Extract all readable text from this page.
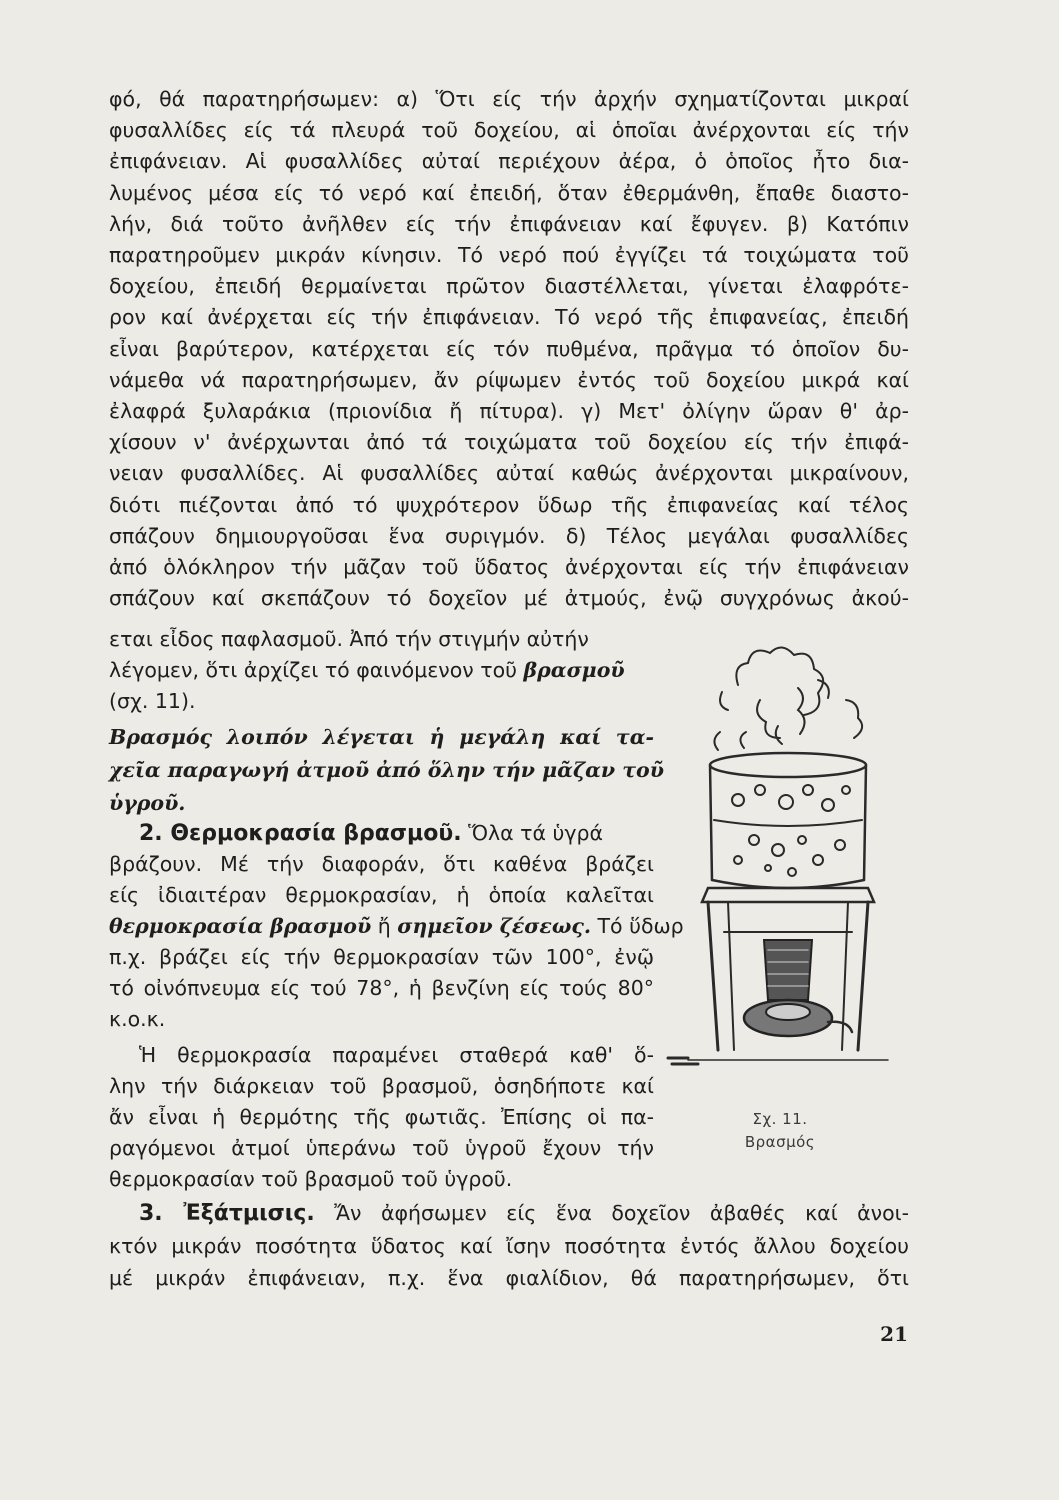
φό, θά παρατηρήσωμεν: α) Ὅτι είς τήν ἀρχήν σχηματίζονται μικραί
φυσαλλίδες είς τά πλευρά τοῦ δοχείου, αἱ ὁποῖαι ἀνέρχονται είς τήν
ἐπιφάνειαν. Αἱ φυσαλλίδες αὐταί περιέχουν ἀέρα, ὁ ὁποῖος ἦτο δια-
λυμένος μέσα είς τό νερό καί ἐπειδή, ὅταν ἐθερμάνθη, ἔπαθε διαστο-
λήν, διά τοῦτο ἀνῆλθεν είς τήν ἐπιφάνειαν καί ἔφυγεν. β) Κατόπιν
παρατηροῦμεν μικράν κίνησιν. Τό νερό πού ἐγγίζει τά τοιχώματα τοῦ
δοχείου, ἐπειδή θερμαίνεται πρῶτον διαστέλλεται, γίνεται ἐλαφρότε-
ρον καί ἀνέρχεται είς τήν ἐπιφάνειαν. Τό νερό τῆς ἐπιφανείας, ἐπειδή
εἶναι βαρύτερον, κατέρχεται είς τόν πυθμένα, πρᾶγμα τό ὁποῖον δυ-
νάμεθα νά παρατηρήσωμεν, ἄν ρίψωμεν ἐντός τοῦ δοχείου μικρά καί
ἐλαφρά ξυλαράκια (πριονίδια ἤ πίτυρα). γ) Μετ' ὀλίγην ὥραν θ' ἀρ-
χίσουν ν' ἀνέρχωνται ἀπό τά τοιχώματα τοῦ δοχείου είς τήν ἐπιφά-
νειαν φυσαλλίδες. Αἱ φυσαλλίδες αὐταί καθώς ἀνέρχονται μικραίνουν,
διότι πιέζονται ἀπό τό ψυχρότερον ὕδωρ τῆς ἐπιφανείας καί τέλος
σπάζουν δημιουργοῦσαι ἕνα συριγμόν. δ) Τέλος μεγάλαι φυσαλλίδες
ἀπό ὁλόκληρον τήν μᾶζαν τοῦ ὕδατος ἀνέρχονται είς τήν ἐπιφάνειαν
σπάζουν καί σκεπάζουν τό δοχεῖον μέ ἀτμούς, ἐνῷ συγχρόνως ἀκού-
εται εἶδος παφλασμοῦ. Ἀπό τήν στιγμήν αὐτήν
λέγομεν, ὅτι ἀρχίζει τό φαινόμενον τοῦ βρασμοῦ
(σχ. 11).
Βρασμός λοιπόν λέγεται ἡ μεγάλη καί τα-
χεῖα παραγωγή ἀτμοῦ ἀπό ὅλην τήν μᾶζαν τοῦ
ὑγροῦ.
2. Θερμοκρασία βρασμοῦ. Ὅλα τά ὑγρά
βράζουν. Μέ τήν διαφοράν, ὅτι καθένα βράζει
είς ἰδιαιτέραν θερμοκρασίαν, ἡ ὁποία καλεῖται
θερμοκρασία βρασμοῦ ἤ σημεῖον ζέσεως. Τό ὕδωρ
π.χ. βράζει είς τήν θερμοκρασίαν τῶν 100°, ἐνῷ
τό οἰνόπνευμα είς τού 78°, ἡ βενζίνη είς τούς 80°
κ.ο.κ.
Ἡ θερμοκρασία παραμένει σταθερά καθ' ὅ-
λην τήν διάρκειαν τοῦ βρασμοῦ, ὁσηδήποτε καί
ἄν εἶναι ἡ θερμότης τῆς φωτιᾶς. Ἐπίσης οἱ πα-
ραγόμενοι ἀτμοί ὑπεράνω τοῦ ὑγροῦ ἔχουν τήν
θερμοκρασίαν τοῦ βρασμοῦ τοῦ ὑγροῦ.
3. Ἐξάτμισις. Ἄν ἀφήσωμεν είς ἕνα δοχεῖον ἀβαθές καί ἀνοι-
κτόν μικράν ποσότητα ὕδατος καί ἴσην ποσότητα ἐντός ἄλλου δοχείου
μέ μικράν ἐπιφάνειαν, π.χ. ἕνα φιαλίδιον, θά παρατηρήσωμεν, ὅτι
Σχ. 11.
Βρασμός
21
